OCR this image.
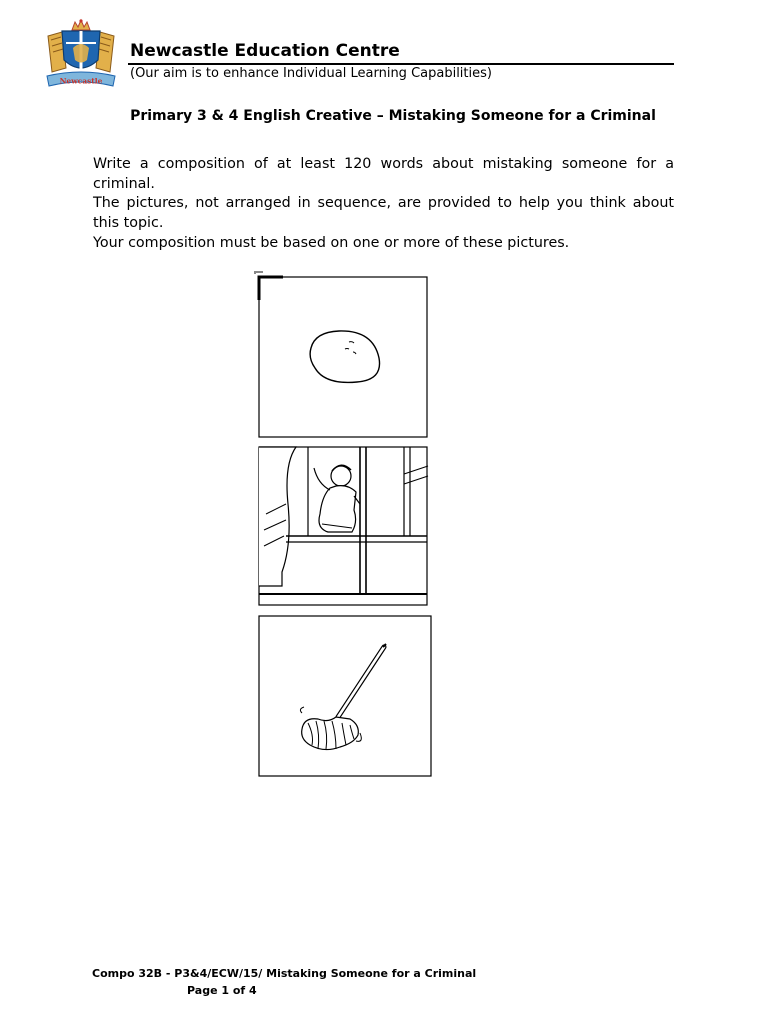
Newcastle
Newcastle Education Centre
(Our aim is to enhance Individual Learning Capabilities)
Primary 3 & 4 English Creative – Mistaking Someone for a Criminal

Write a composition of at least 120 words about mistaking someone for a criminal.

The pictures, not arranged in sequence, are provided to help you think about this topic.

Your composition must be based on one or more of these pictures.

Compo 32B - P3&4/ECW/15/ Mistaking Someone for a Criminal
Page 1 of 4
